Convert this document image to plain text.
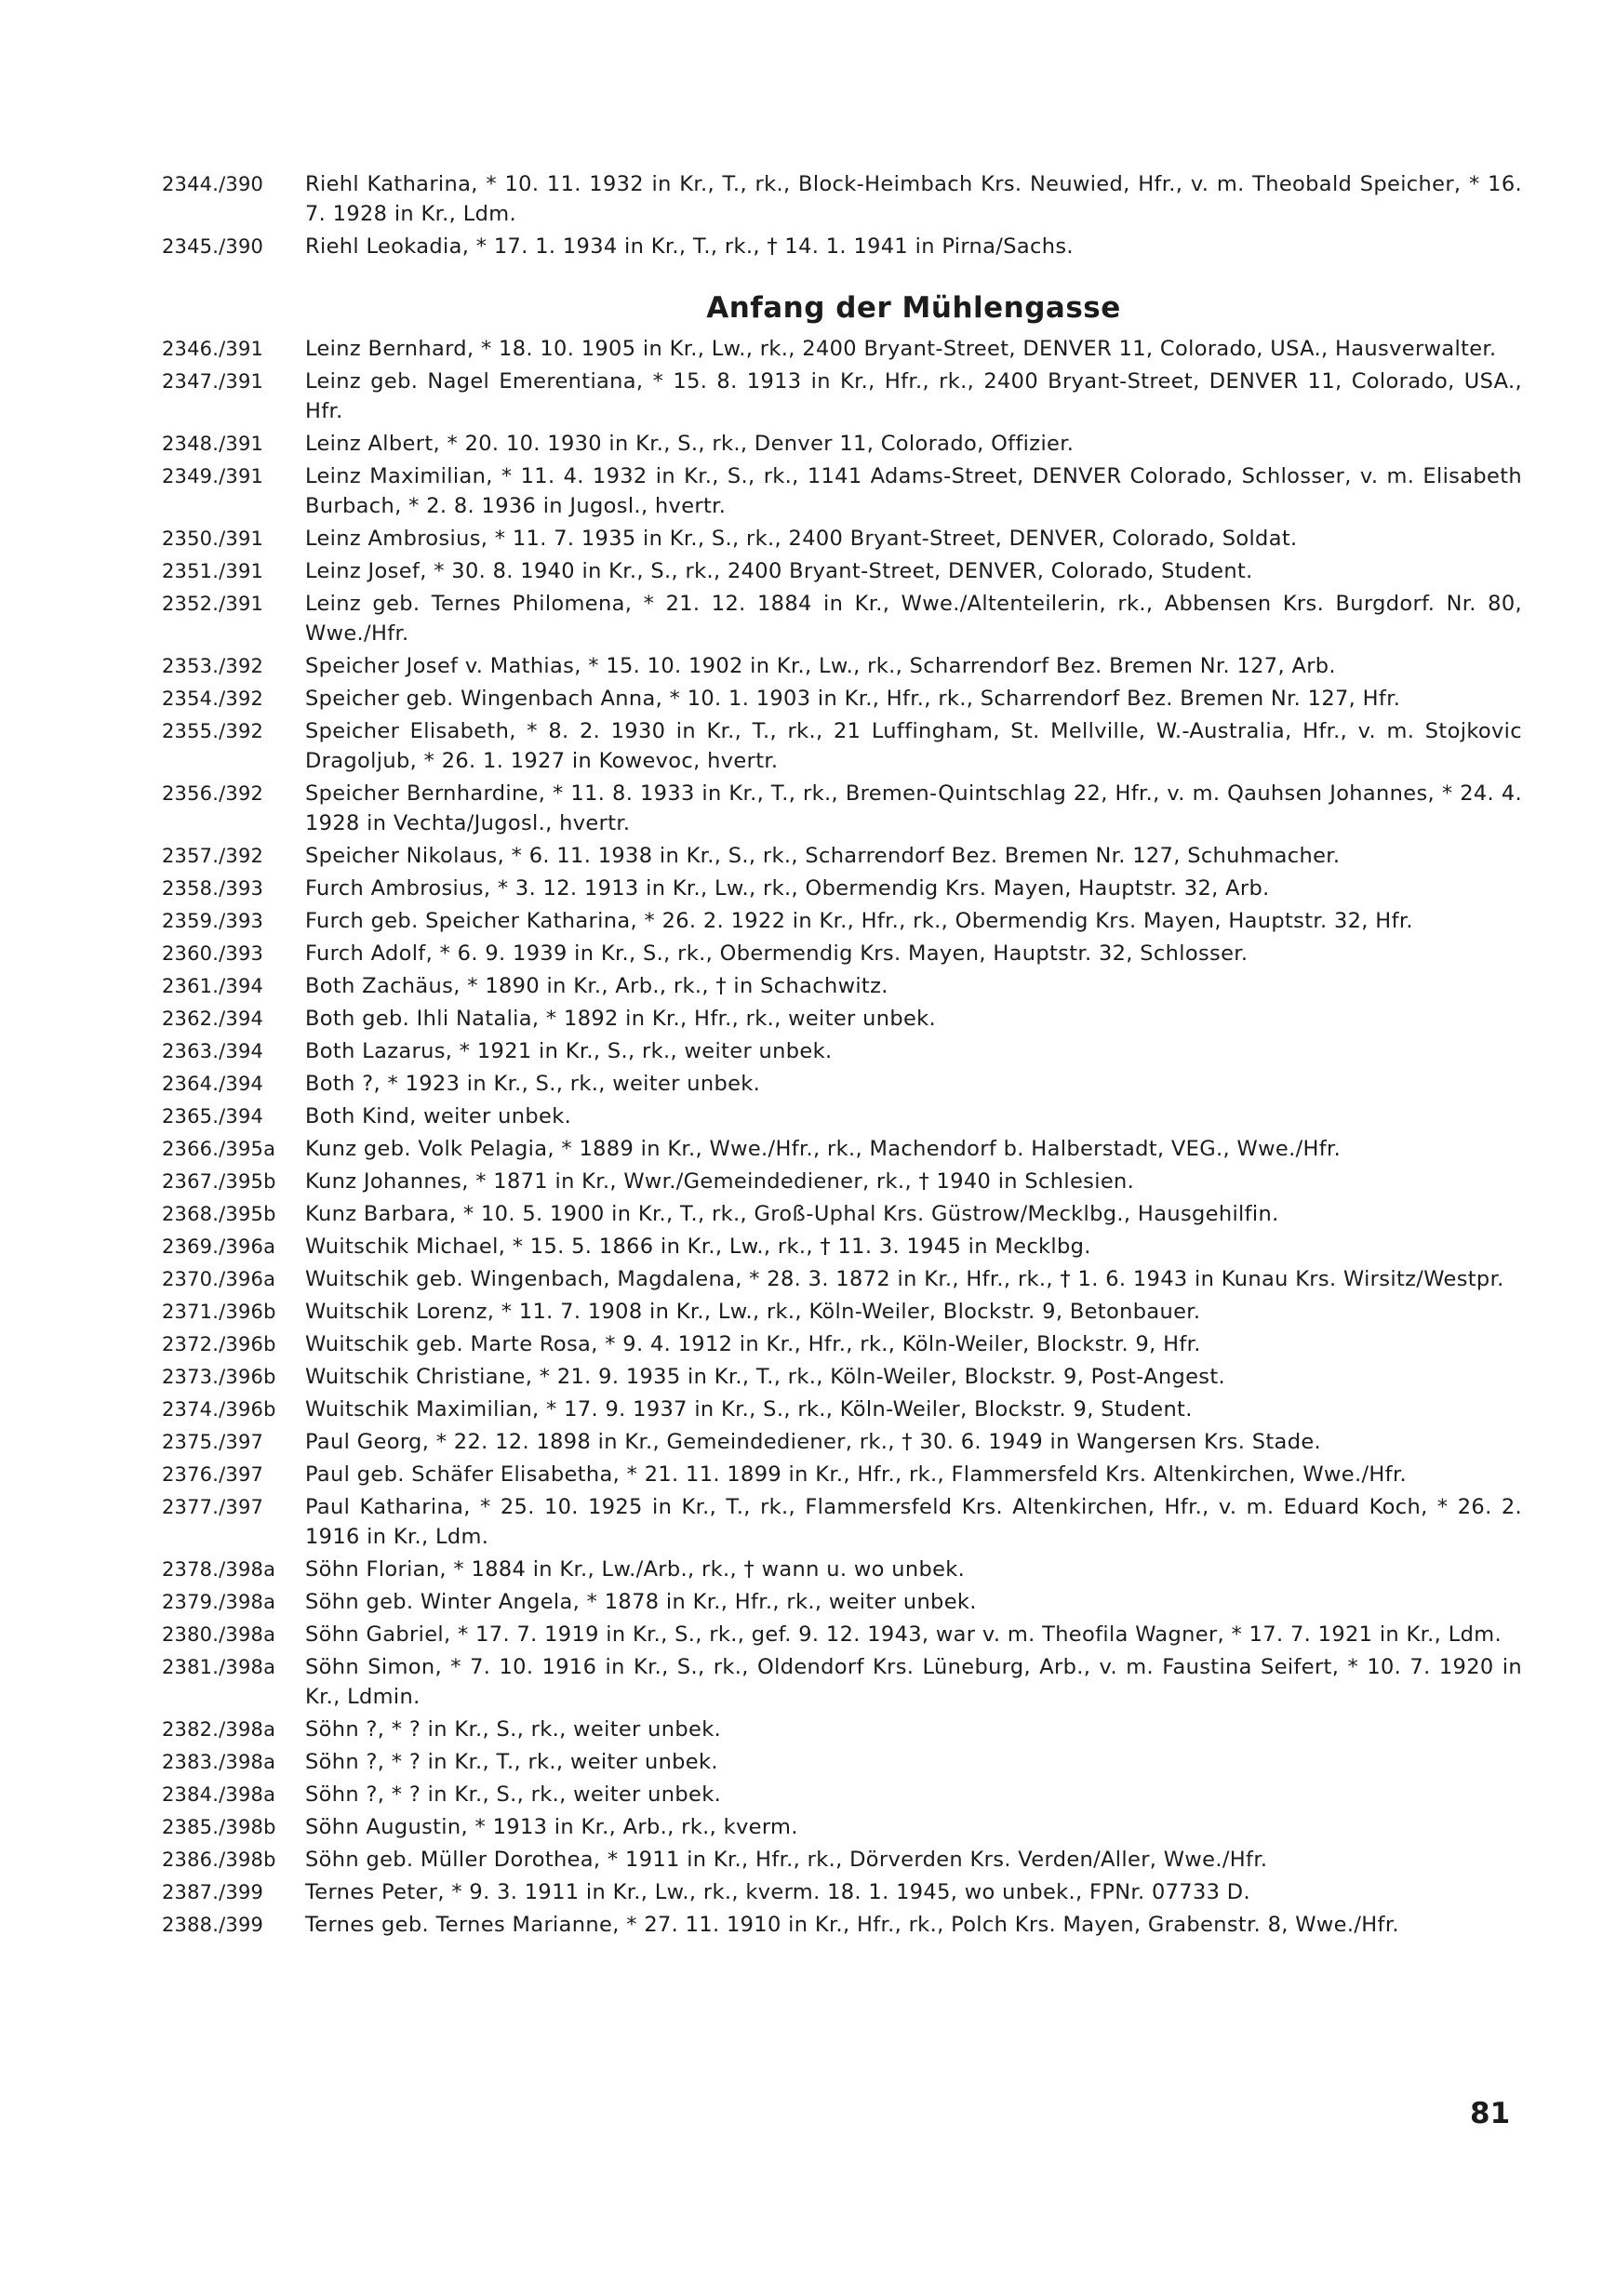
2344./390	Riehl Katharina, * 10. 11. 1932 in Kr., T., rk., Block-Heimbach Krs. Neuwied, Hfr., v. m. Theobald Speicher, * 16. 7. 1928 in Kr., Ldm.
2345./390	Riehl Leokadia, * 17. 1. 1934 in Kr., T., rk., † 14. 1. 1941 in Pirna/Sachs.
Anfang der Mühlengasse
2346./391	Leinz Bernhard, * 18. 10. 1905 in Kr., Lw., rk., 2400 Bryant-Street, DENVER 11, Colorado, USA., Hausverwalter.
2347./391	Leinz geb. Nagel Emerentiana, * 15. 8. 1913 in Kr., Hfr., rk., 2400 Bryant-Street, DENVER 11, Colorado, USA., Hfr.
2348./391	Leinz Albert, * 20. 10. 1930 in Kr., S., rk., Denver 11, Colorado, Offizier.
2349./391	Leinz Maximilian, * 11. 4. 1932 in Kr., S., rk., 1141 Adams-Street, DENVER Colorado, Schlosser, v. m. Elisabeth Burbach, * 2. 8. 1936 in Jugosl., hvertr.
2350./391	Leinz Ambrosius, * 11. 7. 1935 in Kr., S., rk., 2400 Bryant-Street, DENVER, Colorado, Soldat.
2351./391	Leinz Josef, * 30. 8. 1940 in Kr., S., rk., 2400 Bryant-Street, DENVER, Colorado, Student.
2352./391	Leinz geb. Ternes Philomena, * 21. 12. 1884 in Kr., Wwe./Altenteilerin, rk., Abbensen Krs. Burgdorf. Nr. 80, Wwe./Hfr.
2353./392	Speicher Josef v. Mathias, * 15. 10. 1902 in Kr., Lw., rk., Scharrendorf Bez. Bremen Nr. 127, Arb.
2354./392	Speicher geb. Wingenbach Anna, * 10. 1. 1903 in Kr., Hfr., rk., Scharrendorf Bez. Bremen Nr. 127, Hfr.
2355./392	Speicher Elisabeth, * 8. 2. 1930 in Kr., T., rk., 21 Luffingham, St. Mellville, W.-Australia, Hfr., v. m. Stojkovic Dragoljub, * 26. 1. 1927 in Kowevoc, hvertr.
2356./392	Speicher Bernhardine, * 11. 8. 1933 in Kr., T., rk., Bremen-Quintschlag 22, Hfr., v. m. Qauhsen Johannes, * 24. 4. 1928 in Vechta/Jugosl., hvertr.
2357./392	Speicher Nikolaus, * 6. 11. 1938 in Kr., S., rk., Scharrendorf Bez. Bremen Nr. 127, Schuhmacher.
2358./393	Furch Ambrosius, * 3. 12. 1913 in Kr., Lw., rk., Obermendig Krs. Mayen, Hauptstr. 32, Arb.
2359./393	Furch geb. Speicher Katharina, * 26. 2. 1922 in Kr., Hfr., rk., Obermendig Krs. Mayen, Hauptstr. 32, Hfr.
2360./393	Furch Adolf, * 6. 9. 1939 in Kr., S., rk., Obermendig Krs. Mayen, Hauptstr. 32, Schlosser.
2361./394	Both Zachäus, * 1890 in Kr., Arb., rk., † in Schachwitz.
2362./394	Both geb. Ihli Natalia, * 1892 in Kr., Hfr., rk., weiter unbek.
2363./394	Both Lazarus, * 1921 in Kr., S., rk., weiter unbek.
2364./394	Both ?, * 1923 in Kr., S., rk., weiter unbek.
2365./394	Both Kind, weiter unbek.
2366./395a	Kunz geb. Volk Pelagia, * 1889 in Kr., Wwe./Hfr., rk., Machendorf b. Halberstadt, VEG., Wwe./Hfr.
2367./395b	Kunz Johannes, * 1871 in Kr., Wwr./Gemeindediener, rk., † 1940 in Schlesien.
2368./395b	Kunz Barbara, * 10. 5. 1900 in Kr., T., rk., Groß-Uphal Krs. Güstrow/Mecklbg., Hausgehilfin.
2369./396a	Wuitschik Michael, * 15. 5. 1866 in Kr., Lw., rk., † 11. 3. 1945 in Mecklbg.
2370./396a	Wuitschik geb. Wingenbach, Magdalena, * 28. 3. 1872 in Kr., Hfr., rk., † 1. 6. 1943 in Kunau Krs. Wirsitz/Westpr.
2371./396b	Wuitschik Lorenz, * 11. 7. 1908 in Kr., Lw., rk., Köln-Weiler, Blockstr. 9, Betonbauer.
2372./396b	Wuitschik geb. Marte Rosa, * 9. 4. 1912 in Kr., Hfr., rk., Köln-Weiler, Blockstr. 9, Hfr.
2373./396b	Wuitschik Christiane, * 21. 9. 1935 in Kr., T., rk., Köln-Weiler, Blockstr. 9, Post-Angest.
2374./396b	Wuitschik Maximilian, * 17. 9. 1937 in Kr., S., rk., Köln-Weiler, Blockstr. 9, Student.
2375./397	Paul Georg, * 22. 12. 1898 in Kr., Gemeindediener, rk., † 30. 6. 1949 in Wangersen Krs. Stade.
2376./397	Paul geb. Schäfer Elisabetha, * 21. 11. 1899 in Kr., Hfr., rk., Flammersfeld Krs. Altenkirchen, Wwe./Hfr.
2377./397	Paul Katharina, * 25. 10. 1925 in Kr., T., rk., Flammersfeld Krs. Altenkirchen, Hfr., v. m. Eduard Koch, * 26. 2. 1916 in Kr., Ldm.
2378./398a	Söhn Florian, * 1884 in Kr., Lw./Arb., rk., † wann u. wo unbek.
2379./398a	Söhn geb. Winter Angela, * 1878 in Kr., Hfr., rk., weiter unbek.
2380./398a	Söhn Gabriel, * 17. 7. 1919 in Kr., S., rk., gef. 9. 12. 1943, war v. m. Theofila Wagner, * 17. 7. 1921 in Kr., Ldm.
2381./398a	Söhn Simon, * 7. 10. 1916 in Kr., S., rk., Oldendorf Krs. Lüneburg, Arb., v. m. Faustina Seifert, * 10. 7. 1920 in Kr., Ldmin.
2382./398a	Söhn ?, * ? in Kr., S., rk., weiter unbek.
2383./398a	Söhn ?, * ? in Kr., T., rk., weiter unbek.
2384./398a	Söhn ?, * ? in Kr., S., rk., weiter unbek.
2385./398b	Söhn Augustin, * 1913 in Kr., Arb., rk., kverm.
2386./398b	Söhn geb. Müller Dorothea, * 1911 in Kr., Hfr., rk., Dörverden Krs. Verden/Aller, Wwe./Hfr.
2387./399	Ternes Peter, * 9. 3. 1911 in Kr., Lw., rk., kverm. 18. 1. 1945, wo unbek., FPNr. 07733 D.
2388./399	Ternes geb. Ternes Marianne, * 27. 11. 1910 in Kr., Hfr., rk., Polch Krs. Mayen, Grabenstr. 8, Wwe./Hfr.
81
